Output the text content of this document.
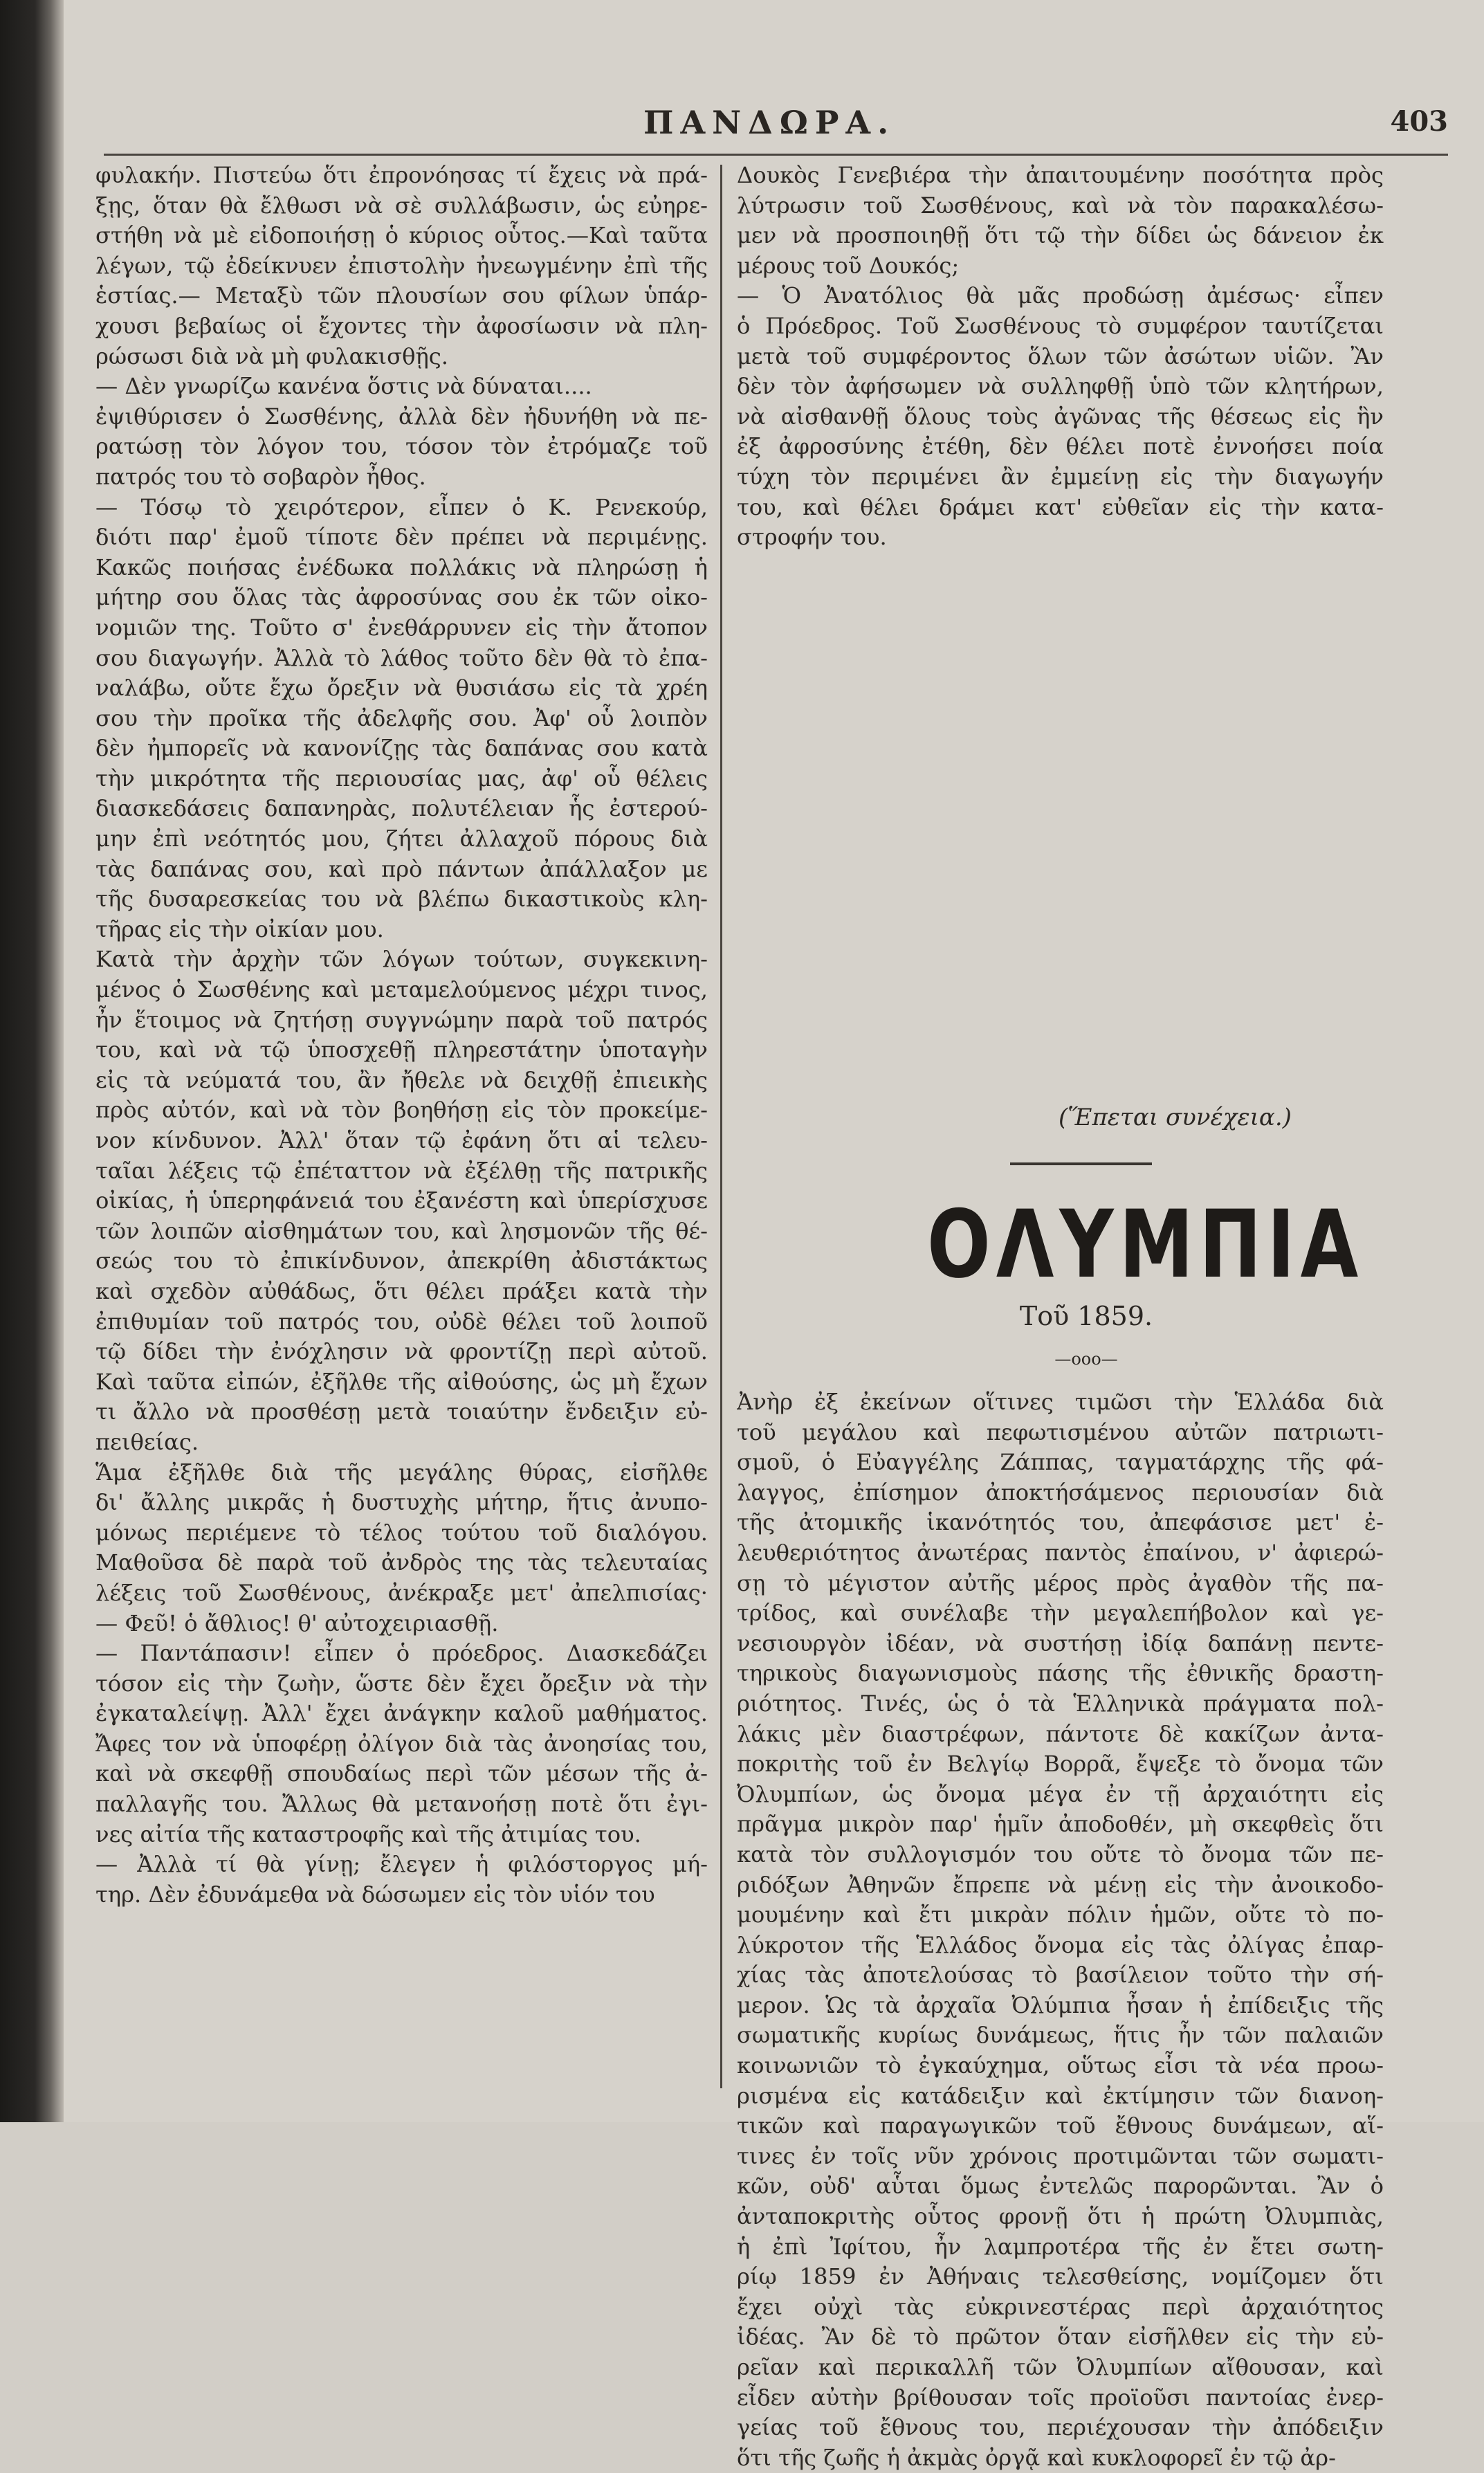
ΠΑΝΔΩΡΑ.	403
φυλακήν. Πιστεύω ὅτι ἐπρονόησας τί ἔχεις νὰ πρά-
ξῃς, ὅταν θὰ ἔλθωσι νὰ σὲ συλλάβωσιν, ὡς εὐηρε-
στήθη νὰ μὲ εἰδοποιήσῃ ὁ κύριος οὗτος.—Καὶ ταῦτα
λέγων, τῷ ἐδείκνυεν ἐπιστολὴν ἠνεωγμένην ἐπὶ τῆς
ἑστίας.— Μεταξὺ τῶν πλουσίων σου φίλων ὑπάρ-
χουσι βεβαίως οἱ ἔχοντες τὴν ἀφοσίωσιν νὰ πλη-
ρώσωσι διὰ νὰ μὴ φυλακισθῇς.
— Δὲν γνωρίζω κανένα ὅστις νὰ δύναται....
ἐψιθύρισεν ὁ Σωσθένης, ἀλλὰ δὲν ἠδυνήθη νὰ πε-
ρατώσῃ τὸν λόγον του, τόσον τὸν ἐτρόμαζε τοῦ
πατρός του τὸ σοβαρὸν ἦθος.
— Τόσῳ τὸ χειρότερον, εἶπεν ὁ Κ. Ρενεκούρ,
διότι παρ' ἐμοῦ τίποτε δὲν πρέπει νὰ περιμένῃς.
Κακῶς ποιήσας ἐνέδωκα πολλάκις νὰ πληρώσῃ ἡ
μήτηρ σου ὅλας τὰς ἀφροσύνας σου ἐκ τῶν οἰκο-
νομιῶν της. Τοῦτο σ' ἐνεθάρρυνεν εἰς τὴν ἄτοπον
σου διαγωγήν. Ἀλλὰ τὸ λάθος τοῦτο δὲν θὰ τὸ ἐπα-
ναλάβω, οὔτε ἔχω ὄρεξιν νὰ θυσιάσω εἰς τὰ χρέη
σου τὴν προῖκα τῆς ἀδελφῆς σου. Ἀφ' οὗ λοιπὸν
δὲν ἠμπορεῖς νὰ κανονίζῃς τὰς δαπάνας σου κατὰ
τὴν μικρότητα τῆς περιουσίας μας, ἀφ' οὗ θέλεις
διασκεδάσεις δαπανηρὰς, πολυτέλειαν ἧς ἐστερού-
μην ἐπὶ νεότητός μου, ζήτει ἀλλαχοῦ πόρους διὰ
τὰς δαπάνας σου, καὶ πρὸ πάντων ἀπάλλαξον με
τῆς δυσαρεσκείας του νὰ βλέπω δικαστικοὺς κλη-
τῆρας εἰς τὴν οἰκίαν μου.
Κατὰ τὴν ἀρχὴν τῶν λόγων τούτων, συγκεκινη-
μένος ὁ Σωσθένης καὶ μεταμελούμενος μέχρι τινος,
ἦν ἕτοιμος νὰ ζητήσῃ συγγνώμην παρὰ τοῦ πατρός
του, καὶ νὰ τῷ ὑποσχεθῇ πληρεστάτην ὑποταγὴν
εἰς τὰ νεύματά του, ἂν ἤθελε νὰ δειχθῇ ἐπιεικὴς
πρὸς αὐτόν, καὶ νὰ τὸν βοηθήσῃ εἰς τὸν προκείμε-
νον κίνδυνον. Ἀλλ' ὅταν τῷ ἐφάνη ὅτι αἱ τελευ-
ταῖαι λέξεις τῷ ἐπέταττον νὰ ἐξέλθῃ τῆς πατρικῆς
οἰκίας, ἡ ὑπερηφάνειά του ἐξανέστη καὶ ὑπερίσχυσε
τῶν λοιπῶν αἰσθημάτων του, καὶ λησμονῶν τῆς θέ-
σεώς του τὸ ἐπικίνδυνον, ἀπεκρίθη ἀδιστάκτως
καὶ σχεδὸν αὐθάδως, ὅτι θέλει πράξει κατὰ τὴν
ἐπιθυμίαν τοῦ πατρός του, οὐδὲ θέλει τοῦ λοιποῦ
τῷ δίδει τὴν ἐνόχλησιν νὰ φροντίζῃ περὶ αὐτοῦ.
Καὶ ταῦτα εἰπών, ἐξῆλθε τῆς αἰθούσης, ὡς μὴ ἔχων
τι ἄλλο νὰ προσθέσῃ μετὰ τοιαύτην ἔνδειξιν εὐ-
πειθείας.
Ἅμα ἐξῆλθε διὰ τῆς μεγάλης θύρας, εἰσῆλθε
δι' ἄλλης μικρᾶς ἡ δυστυχὴς μήτηρ, ἥτις ἀνυπο-
μόνως περιέμενε τὸ τέλος τούτου τοῦ διαλόγου.
Μαθοῦσα δὲ παρὰ τοῦ ἀνδρὸς της τὰς τελευταίας
λέξεις τοῦ Σωσθένους, ἀνέκραξε μετ' ἀπελπισίας·
— Φεῦ! ὁ ἄθλιος! θ' αὐτοχειριασθῇ.
— Παντάπασιν! εἶπεν ὁ πρόεδρος. Διασκεδάζει
τόσον εἰς τὴν ζωὴν, ὥστε δὲν ἔχει ὄρεξιν νὰ τὴν
ἐγκαταλείψῃ. Ἀλλ' ἔχει ἀνάγκην καλοῦ μαθήματος.
Ἄφες τον νὰ ὑποφέρῃ ὀλίγον διὰ τὰς ἀνοησίας του,
καὶ νὰ σκεφθῇ σπουδαίως περὶ τῶν μέσων τῆς ἀ-
παλλαγῆς του. Ἄλλως θὰ μετανοήσῃ ποτὲ ὅτι ἐγι-
νες αἰτία τῆς καταστροφῆς καὶ τῆς ἀτιμίας του.
— Ἀλλὰ τί θὰ γίνῃ; ἔλεγεν ἡ φιλόστοργος μή-
τηρ. Δὲν ἐδυνάμεθα νὰ δώσωμεν εἰς τὸν υἱόν του
Δουκὸς Γενεβιέρα τὴν ἀπαιτουμένην ποσότητα πρὸς
λύτρωσιν τοῦ Σωσθένους, καὶ νὰ τὸν παρακαλέσω-
μεν νὰ προσποιηθῇ ὅτι τῷ τὴν δίδει ὡς δάνειον ἐκ
μέρους τοῦ Δουκός;
— Ὁ Ἀνατόλιος θὰ μᾶς προδώσῃ ἀμέσως· εἶπεν
ὁ Πρόεδρος. Τοῦ Σωσθένους τὸ συμφέρον ταυτίζεται
μετὰ τοῦ συμφέροντος ὅλων τῶν ἀσώτων υἱῶν. Ἂν
δὲν τὸν ἀφήσωμεν νὰ συλληφθῇ ὑπὸ τῶν κλητήρων,
νὰ αἰσθανθῇ ὅλους τοὺς ἀγῶνας τῆς θέσεως εἰς ἣν
ἐξ ἀφροσύνης ἐτέθη, δὲν θέλει ποτὲ ἐννοήσει ποία
τύχη τὸν περιμένει ἂν ἐμμείνῃ εἰς τὴν διαγωγήν
του, καὶ θέλει δράμει κατ' εὐθεῖαν εἰς τὴν κατα-
στροφήν του.
(Ἕπεται συνέχεια.)
ΟΛΥΜΠΙΑ
Τοῦ 1859.
—ooo—
Ἀνὴρ ἐξ ἐκείνων οἵτινες τιμῶσι τὴν Ἑλλάδα διὰ
τοῦ μεγάλου καὶ πεφωτισμένου αὐτῶν πατριωτι-
σμοῦ, ὁ Εὐαγγέλης Ζάππας, ταγματάρχης τῆς φά-
λαγγος, ἐπίσημον ἀποκτήσάμενος περιουσίαν διὰ
τῆς ἀτομικῆς ἱκανότητός του, ἀπεφάσισε μετ' ἐ-
λευθεριότητος ἀνωτέρας παντὸς ἐπαίνου, ν' ἀφιερώ-
σῃ τὸ μέγιστον αὐτῆς μέρος πρὸς ἀγαθὸν τῆς πα-
τρίδος, καὶ συνέλαβε τὴν μεγαλεπήβολον καὶ γε-
νεσιουργὸν ἰδέαν, νὰ συστήσῃ ἰδίᾳ δαπάνῃ πεντε-
τηρικοὺς διαγωνισμοὺς πάσης τῆς ἐθνικῆς δραστη-
ριότητος. Τινές, ὡς ὁ τὰ Ἑλληνικὰ πράγματα πολ-
λάκις μὲν διαστρέφων, πάντοτε δὲ κακίζων ἀντα-
ποκριτὴς τοῦ ἐν Βελγίῳ Βορρᾶ, ἔψεξε τὸ ὄνομα τῶν
Ὀλυμπίων, ὡς ὄνομα μέγα ἐν τῇ ἀρχαιότητι εἰς
πρᾶγμα μικρὸν παρ' ἡμῖν ἀποδοθέν, μὴ σκεφθεὶς ὅτι
κατὰ τὸν συλλογισμόν του οὔτε τὸ ὄνομα τῶν πε-
ριδόξων Ἀθηνῶν ἔπρεπε νὰ μένῃ εἰς τὴν ἀνοικοδο-
μουμένην καὶ ἔτι μικρὰν πόλιν ἡμῶν, οὔτε τὸ πο-
λύκροτον τῆς Ἑλλάδος ὄνομα εἰς τὰς ὀλίγας ἐπαρ-
χίας τὰς ἀποτελούσας τὸ βασίλειον τοῦτο τὴν σή-
μερον. Ὡς τὰ ἀρχαῖα Ὀλύμπια ἦσαν ἡ ἐπίδειξις τῆς
σωματικῆς κυρίως δυνάμεως, ἥτις ἦν τῶν παλαιῶν
κοινωνιῶν τὸ ἐγκαύχημα, οὕτως εἶσι τὰ νέα προω-
ρισμένα εἰς κατάδειξιν καὶ ἐκτίμησιν τῶν διανοη-
τικῶν καὶ παραγωγικῶν τοῦ ἔθνους δυνάμεων, αἵ-
τινες ἐν τοῖς νῦν χρόνοις προτιμῶνται τῶν σωματι-
κῶν, οὐδ' αὗται ὅμως ἐντελῶς παρορῶνται. Ἂν ὁ
ἀνταποκριτὴς οὗτος φρονῇ ὅτι ἡ πρώτη Ὀλυμπιὰς,
ἡ ἐπὶ Ἰφίτου, ἦν λαμπροτέρα τῆς ἐν ἔτει σωτη-
ρίῳ 1859 ἐν Ἀθήναις τελεσθείσης, νομίζομεν ὅτι
ἔχει οὐχὶ τὰς εὐκρινεστέρας περὶ ἀρχαιότητος
ἰδέας. Ἂν δὲ τὸ πρῶτον ὅταν εἰσῆλθεν εἰς τὴν εὐ-
ρεῖαν καὶ περικαλλῆ τῶν Ὀλυμπίων αἴθουσαν, καὶ
εἶδεν αὐτὴν βρίθουσαν τοῖς προϊοῦσι παντοίας ἐνερ-
γείας τοῦ ἔθνους του, περιέχουσαν τὴν ἀπόδειξιν
ὅτι τῆς ζωῆς ἡ ἀκμὰς ὀργᾷ καὶ κυκλοφορεῖ ἐν τῷ ἀρ-
